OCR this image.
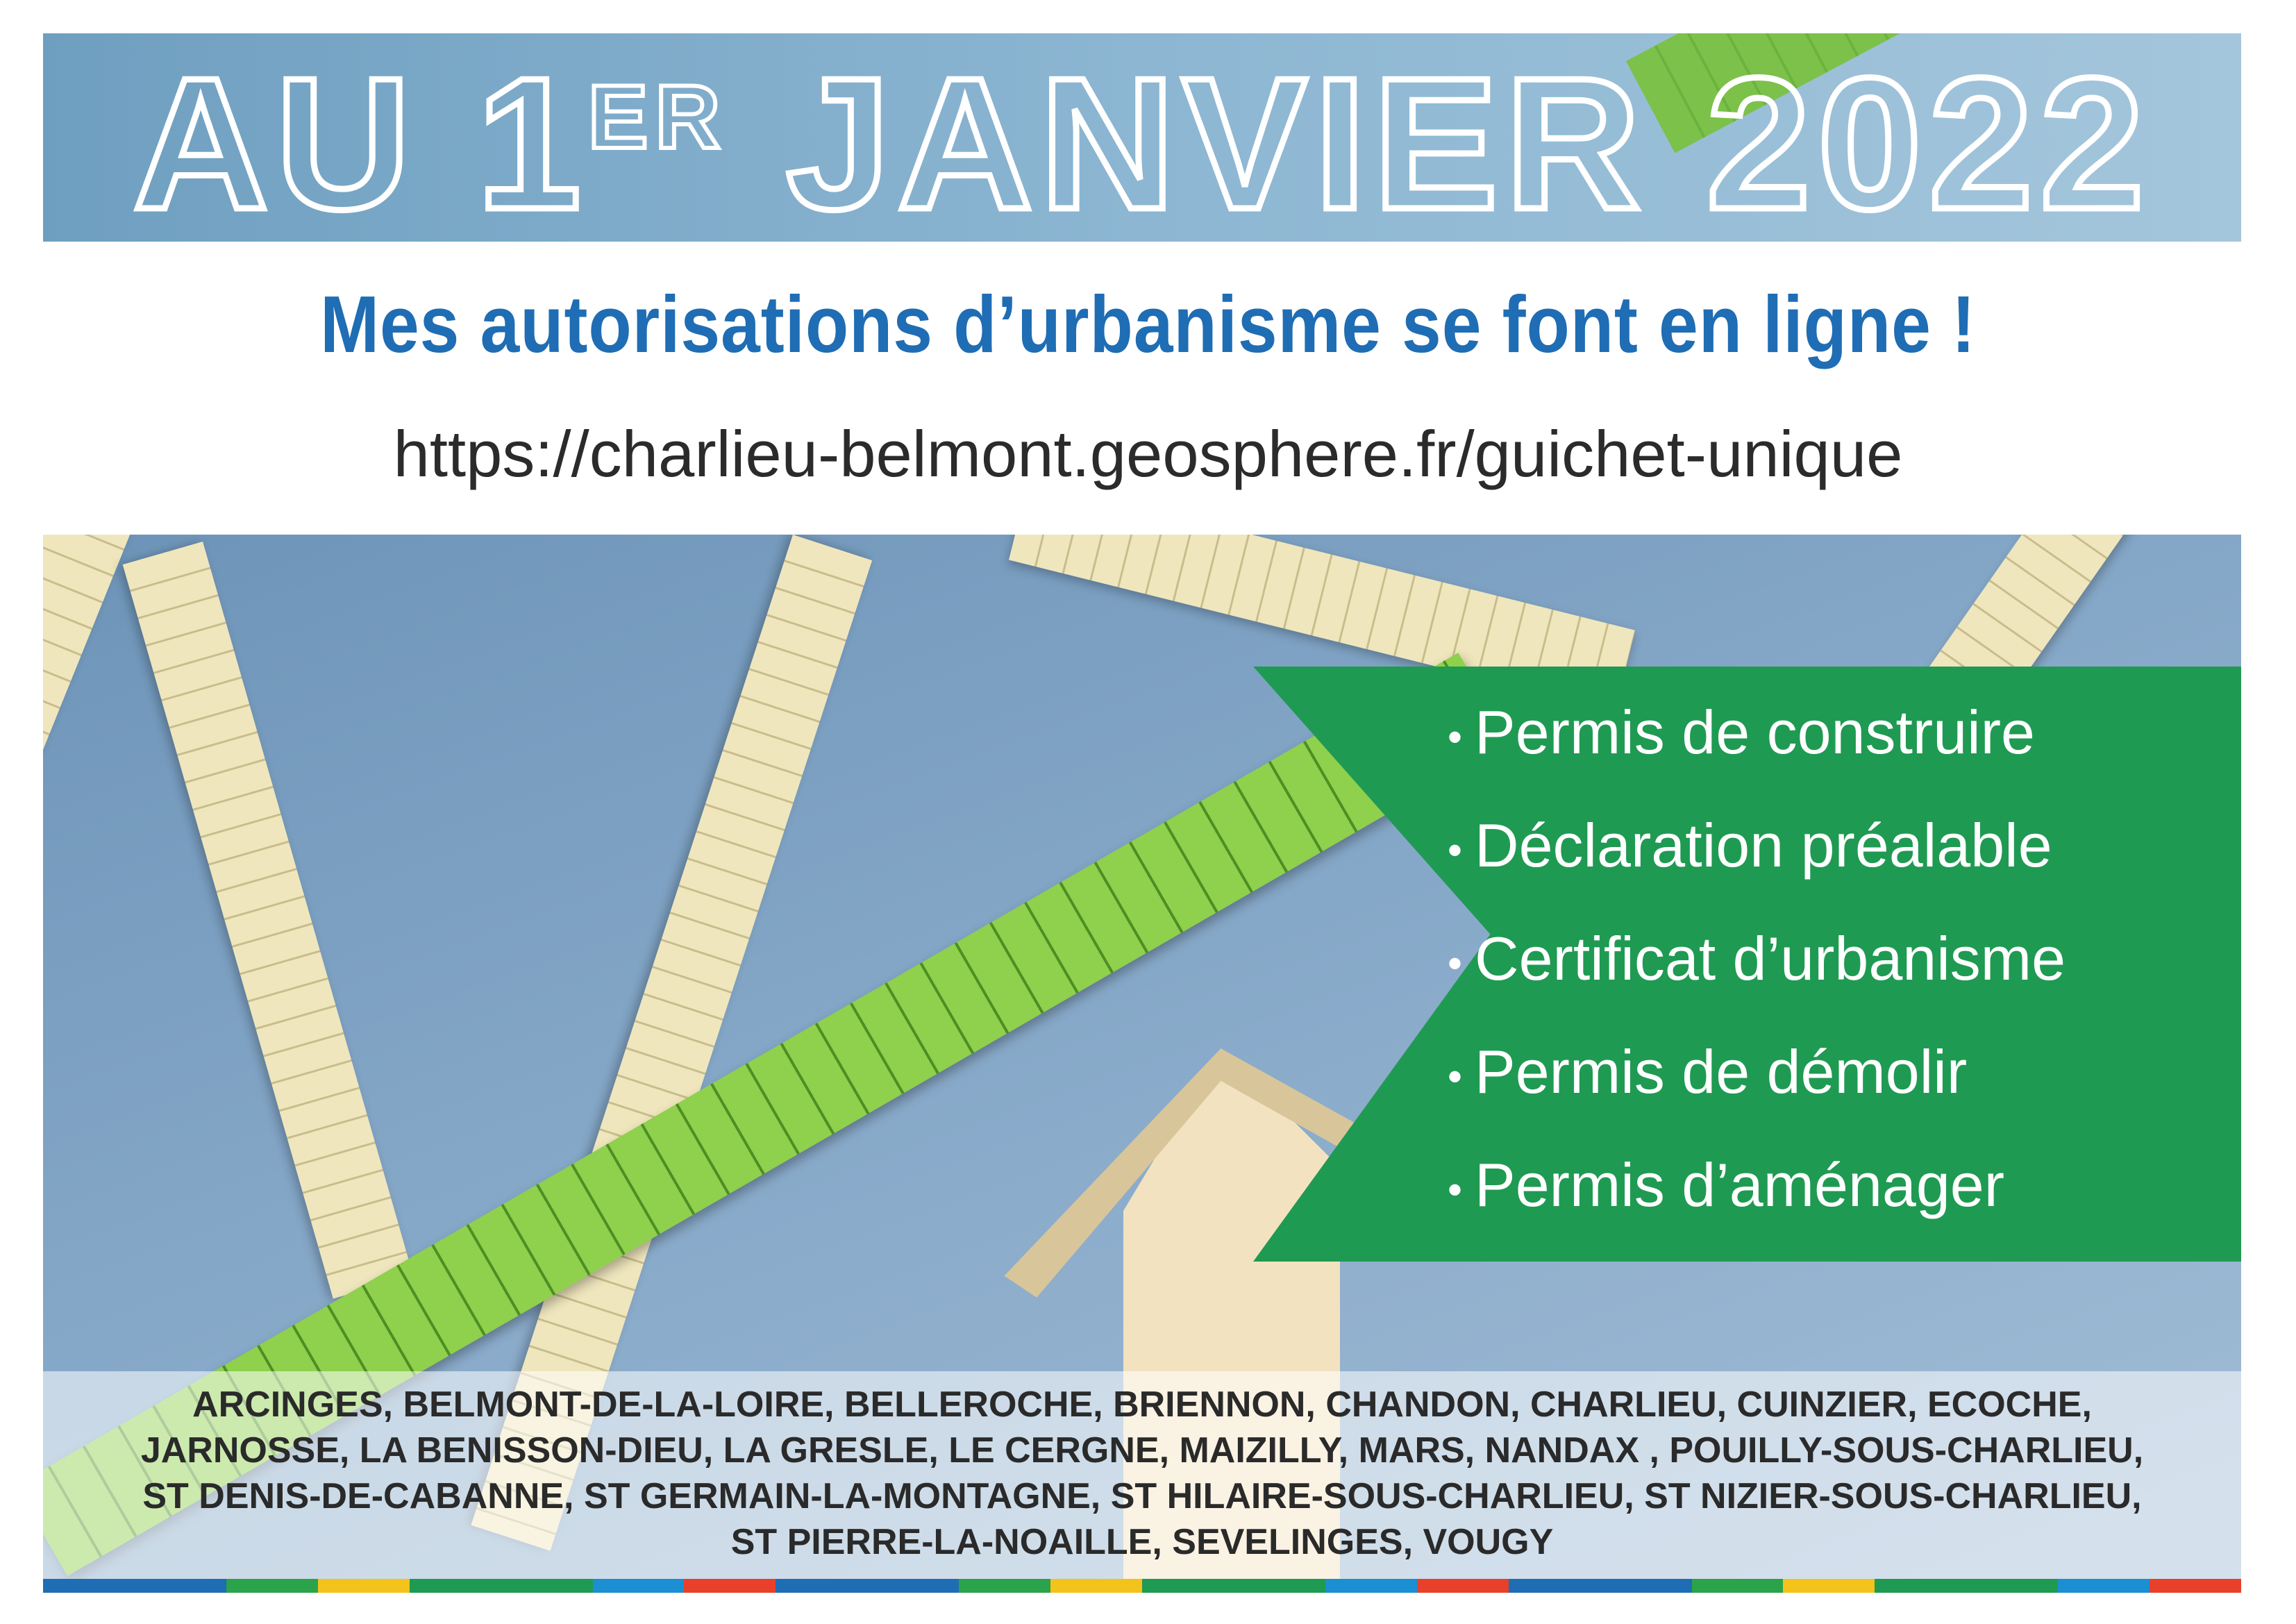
AU 1ER JANVIER 2022
Mes autorisations d’urbanisme se font en ligne !
https://charlieu-belmont.geosphere.fr/guichet-unique
• Permis de construire
• Déclaration préalable
• Certificat d’urbanisme
• Permis de démolir
• Permis d’aménager
ARCINGES, BELMONT-DE-LA-LOIRE, BELLEROCHE, BRIENNON, CHANDON, CHARLIEU, CUINZIER, ECOCHE,
JARNOSSE, LA BENISSON-DIEU, LA GRESLE, LE CERGNE, MAIZILLY, MARS, NANDAX , POUILLY-SOUS-CHARLIEU,
ST DENIS-DE-CABANNE, ST GERMAIN-LA-MONTAGNE, ST HILAIRE-SOUS-CHARLIEU, ST NIZIER-SOUS-CHARLIEU,
ST PIERRE-LA-NOAILLE, SEVELINGES, VOUGY
